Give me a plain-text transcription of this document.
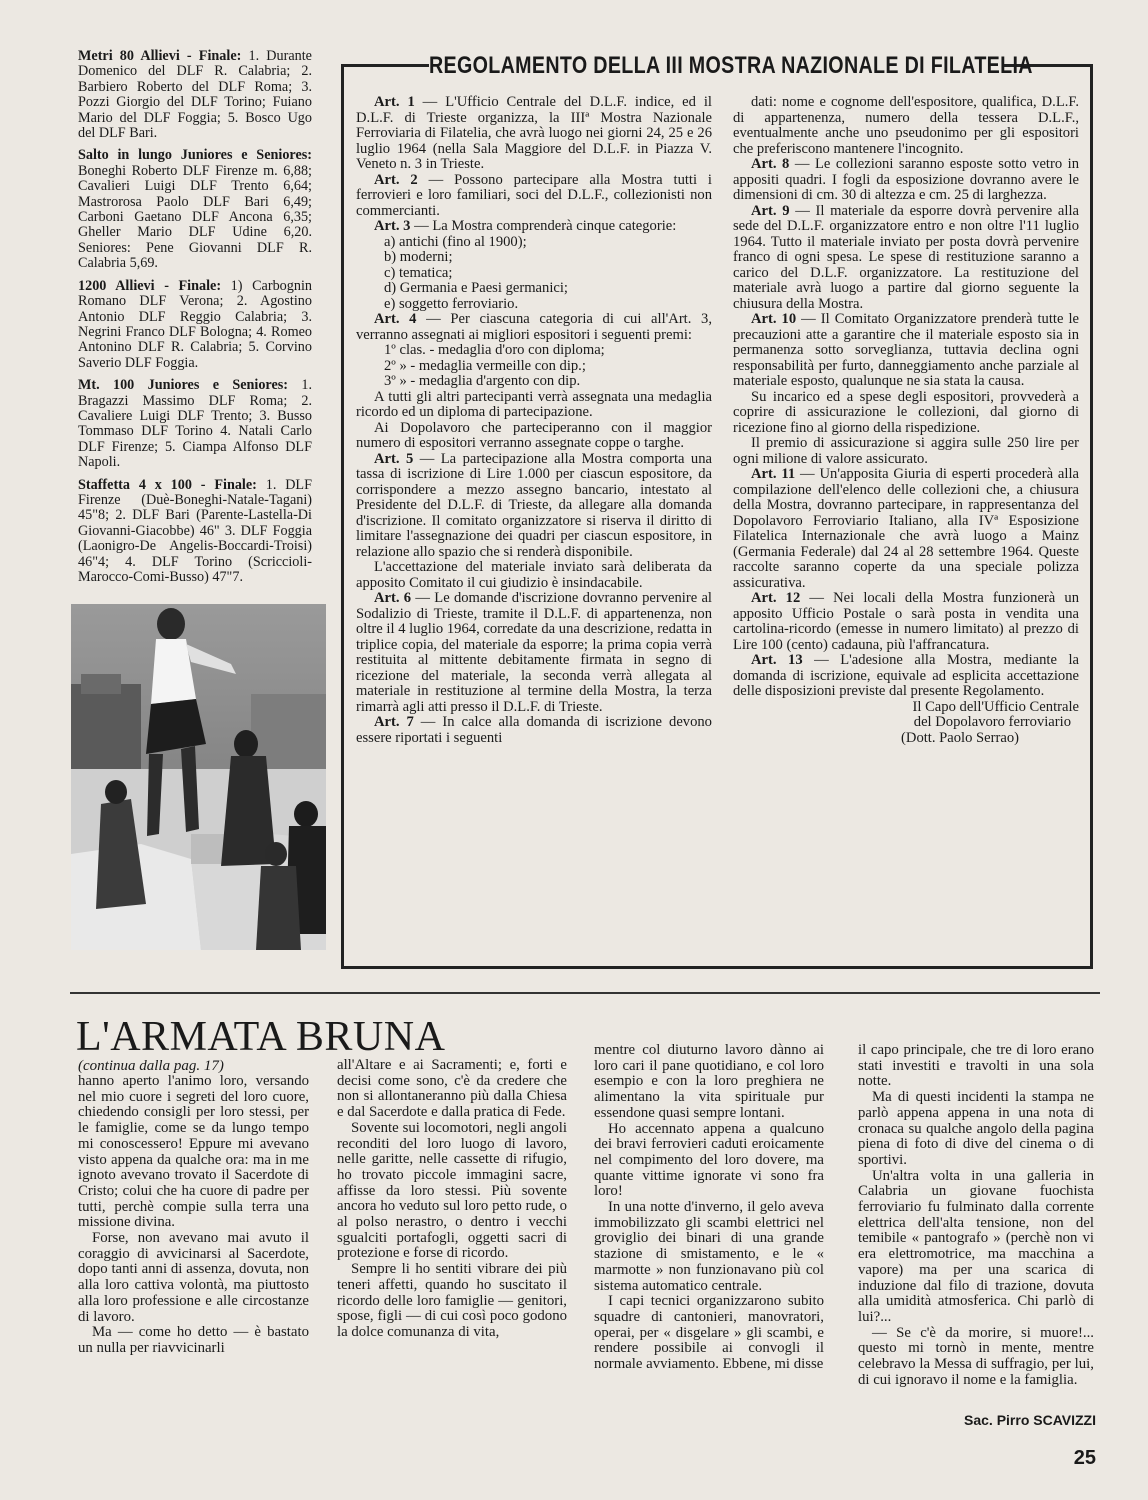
Metri 80 Allievi - Finale: 1. Durante Domenico del DLF R. Calabria; 2. Barbiero Roberto del DLF Roma; 3. Pozzi Giorgio del DLF Torino; Fuiano Mario del DLF Foggia; 5. Bosco Ugo del DLF Bari.

Salto in lungo Juniores e Seniores: Boneghi Roberto DLF Firenze m. 6,88; Cavalieri Luigi DLF Trento 6,64; Mastrorosa Paolo DLF Bari 6,49; Carboni Gaetano DLF Ancona 6,35; Gheller Mario DLF Udine 6,20. Seniores: Pene Giovanni DLF R. Calabria 5,69.

1200 Allievi - Finale: 1) Carbognin Romano DLF Verona; 2. Agostino Antonio DLF Reggio Calabria; 3. Negrini Franco DLF Bologna; 4. Romeo Antonino DLF R. Calabria; 5. Corvino Saverio DLF Foggia.

Mt. 100 Juniores e Seniores: 1. Bragazzi Massimo DLF Roma; 2. Cavaliere Luigi DLF Trento; 3. Busso Tommaso DLF Torino 4. Natali Carlo DLF Firenze; 5. Ciampa Alfonso DLF Napoli.

Staffetta 4 x 100 - Finale: 1. DLF Firenze (Duè-Boneghi-Natale-Tagani) 45"8; 2. DLF Bari (Parente-Lastella-Di Giovanni-Giacobbe) 46" 3. DLF Foggia (Laonigro-De Angelis-Boccardi-Troisi) 46"4; 4. DLF Torino (Scriccioli-Marocco-Comi-Busso) 47"7.

REGOLAMENTO DELLA III MOSTRA NAZIONALE DI FILATELIA

Art. 1 — L'Ufficio Centrale del D.L.F. indice, ed il D.L.F. di Trieste organizza, la IIIª Mostra Nazionale Ferroviaria di Filatelia, che avrà luogo nei giorni 24, 25 e 26 luglio 1964 (nella Sala Maggiore del D.L.F. in Piazza V. Veneto n. 3 in Trieste.

Art. 2 — Possono partecipare alla Mostra tutti i ferrovieri e loro familiari, soci del D.L.F., collezionisti non commercianti.

Art. 3 — La Mostra comprenderà cinque categorie:

a) antichi (fino al 1900);

b) moderni;

c) tematica;

d) Germania e Paesi germanici;

e) soggetto ferroviario.

Art. 4 — Per ciascuna categoria di cui all'Art. 3, verranno assegnati ai migliori espositori i seguenti premi:

1º clas. - medaglia d'oro con diploma;

2º » - medaglia vermeille con dip.;

3º » - medaglia d'argento con dip.

A tutti gli altri partecipanti verrà assegnata una medaglia ricordo ed un diploma di partecipazione.

Ai Dopolavoro che parteciperanno con il maggior numero di espositori verranno assegnate coppe o targhe.

Art. 5 — La partecipazione alla Mostra comporta una tassa di iscrizione di Lire 1.000 per ciascun espositore, da corrispondere a mezzo assegno bancario, intestato al Presidente del D.L.F. di Trieste, da allegare alla domanda d'iscrizione. Il comitato organizzatore si riserva il diritto di limitare l'assegnazione dei quadri per ciascun espositore, in relazione allo spazio che si renderà disponibile.

L'accettazione del materiale inviato sarà deliberata da apposito Comitato il cui giudizio è insindacabile.

Art. 6 — Le domande d'iscrizione dovranno pervenire al Sodalizio di Trieste, tramite il D.L.F. di appartenenza, non oltre il 4 luglio 1964, corredate da una descrizione, redatta in triplice copia, del materiale da esporre; la prima copia verrà restituita al mittente debitamente firmata in segno di ricezione del materiale, la seconda verrà allegata al materiale in restituzione al termine della Mostra, la terza rimarrà agli atti presso il D.L.F. di Trieste.

Art. 7 — In calce alla domanda di iscrizione devono essere riportati i seguenti

dati: nome e cognome dell'espositore, qualifica, D.L.F. di appartenenza, numero della tessera D.L.F., eventualmente anche uno pseudonimo per gli espositori che preferiscono mantenere l'incognito.

Art. 8 — Le collezioni saranno esposte sotto vetro in appositi quadri. I fogli da esposizione dovranno avere le dimensioni di cm. 30 di altezza e cm. 25 di larghezza.

Art. 9 — Il materiale da esporre dovrà pervenire alla sede del D.L.F. organizzatore entro e non oltre l'11 luglio 1964. Tutto il materiale inviato per posta dovrà pervenire franco di ogni spesa. Le spese di restituzione saranno a carico del D.L.F. organizzatore. La restituzione del materiale avrà luogo a partire dal giorno seguente la chiusura della Mostra.

Art. 10 — Il Comitato Organizzatore prenderà tutte le precauzioni atte a garantire che il materiale esposto sia in permanenza sotto sorveglianza, tuttavia declina ogni responsabilità per furto, danneggiamento anche parziale al materiale esposto, qualunque ne sia stata la causa.

Su incarico ed a spese degli espositori, provvederà a coprire di assicurazione le collezioni, dal giorno di ricezione fino al giorno della rispedizione.

Il premio di assicurazione si aggira sulle 250 lire per ogni milione di valore assicurato.

Art. 11 — Un'apposita Giuria di esperti procederà alla compilazione dell'elenco delle collezioni che, a chiusura della Mostra, dovranno partecipare, in rappresentanza del Dopolavoro Ferroviario Italiano, alla IVª Esposizione Filatelica Internazionale che avrà luogo a Mainz (Germania Federale) dal 24 al 28 settembre 1964. Queste raccolte saranno coperte da una speciale polizza assicurativa.

Art. 12 — Nei locali della Mostra funzionerà un apposito Ufficio Postale o sarà posta in vendita una cartolina-ricordo (emesse in numero limitato) al prezzo di Lire 100 (cento) cadauna, più l'affrancatura.

Art. 13 — L'adesione alla Mostra, mediante la domanda di iscrizione, equivale ad esplicita accettazione delle disposizioni previste dal presente Regolamento.

Il Capo dell'Ufficio Centrale

del Dopolavoro ferroviario

(Dott. Paolo Serrao)

L'ARMATA BRUNA
(continua dalla pag. 17)

hanno aperto l'animo loro, versando nel mio cuore i segreti del loro cuore, chiedendo consigli per loro stessi, per le famiglie, come se da lungo tempo mi conoscessero! Eppure mi avevano visto appena da qualche ora: ma in me ignoto avevano trovato il Sacerdote di Cristo; colui che ha cuore di padre per tutti, perchè compie sulla terra una missione divina.

Forse, non avevano mai avuto il coraggio di avvicinarsi al Sacerdote, dopo tanti anni di assenza, dovuta, non alla loro cattiva volontà, ma piuttosto alla loro professione e alle circostanze di lavoro.

Ma — come ho detto — è bastato un nulla per riavvicinarli

all'Altare e ai Sacramenti; e, forti e decisi come sono, c'è da credere che non si allontaneranno più dalla Chiesa e dal Sacerdote e dalla pratica di Fede.

Sovente sui locomotori, negli angoli reconditi del loro luogo di lavoro, nelle garitte, nelle cassette di rifugio, ho trovato piccole immagini sacre, affisse da loro stessi. Più sovente ancora ho veduto sul loro petto rude, o al polso nerastro, o dentro i vecchi sgualciti portafogli, oggetti sacri di protezione e forse di ricordo.

Sempre li ho sentiti vibrare dei più teneri affetti, quando ho suscitato il ricordo delle loro famiglie — genitori, spose, figli — di cui così poco godono la dolce comunanza di vita,

mentre col diuturno lavoro dànno ai loro cari il pane quotidiano, e col loro esempio e con la loro preghiera ne alimentano la vita spirituale pur essendone quasi sempre lontani.

Ho accennato appena a qualcuno dei bravi ferrovieri caduti eroicamente nel compimento del loro dovere, ma quante vittime ignorate vi sono fra loro!

In una notte d'inverno, il gelo aveva immobilizzato gli scambi elettrici nel groviglio dei binari di una grande stazione di smistamento, e le « marmotte » non funzionavano più col sistema automatico centrale.

I capi tecnici organizzarono subito squadre di cantonieri, manovratori, operai, per « disgelare » gli scambi, e rendere possibile ai convogli il normale avviamento. Ebbene, mi disse

il capo principale, che tre di loro erano stati investiti e travolti in una sola notte.

Ma di questi incidenti la stampa ne parlò appena appena in una nota di cronaca su qualche angolo della pagina piena di foto di dive del cinema o di sportivi.

Un'altra volta in una galleria in Calabria un giovane fuochista ferroviario fu fulminato dalla corrente elettrica dell'alta tensione, non del temibile « pantografo » (perchè non vi era elettromotrice, ma macchina a vapore) ma per una scarica di induzione dal filo di trazione, dovuta alla umidità atmosferica. Chi parlò di lui?...

— Se c'è da morire, si muore!... questo mi tornò in mente, mentre celebravo la Messa di suffragio, per lui, di cui ignoravo il nome e la famiglia.

Sac. Pirro SCAVIZZI
25
